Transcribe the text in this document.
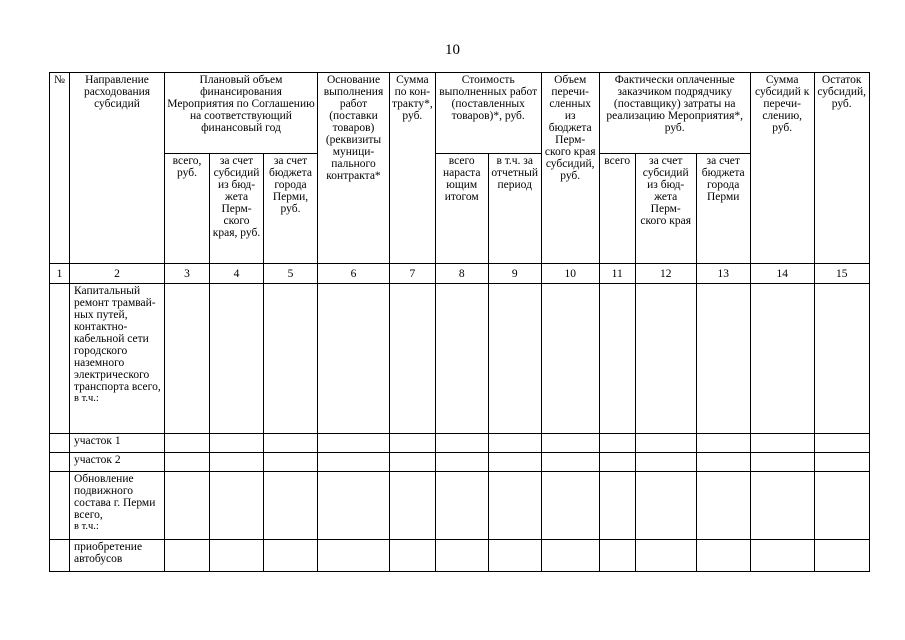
10
№	Направление расходования субсидий	Плановый объем финансирования Мероприятия по Соглашению на соответствующий финансовый год			Основание выполнения работ (поставки товаров) (реквизиты муници-пального контракта*	Сумма по кон-тракту*, руб.	Стоимость выполненных работ (поставленных товаров)*, руб.		Объем перечи-сленных из бюджета Перм-ского края субсидий, руб.	Фактически оплаченные заказчиком подрядчику (поставщику) затраты на реализацию Мероприятия*, руб.			Сумма субсидий к перечи-слению, руб.	Остаток субсидий, руб.
		всего, руб.	за счет субсидий из бюд-жета Перм-ского края, руб.	за счет бюджета города Перми, руб.			всего нараста ющим итогом	в т.ч. за отчетный период		всего	за счет субсидий из бюд-жета Перм-ского края	за счет бюджета города Перми		
1	2	3	4	5	6	7	8	9	10	11	12	13	14	15

	Капитальный ремонт трамвай-ных путей, контактно-кабельной сети городского наземного электрического транспорта всего,
в т.ч.:													

	участок 1													

	участок 2													

	Обновление подвижного состава г. Перми всего,
в т.ч.:													

	приобретение автобусов													
